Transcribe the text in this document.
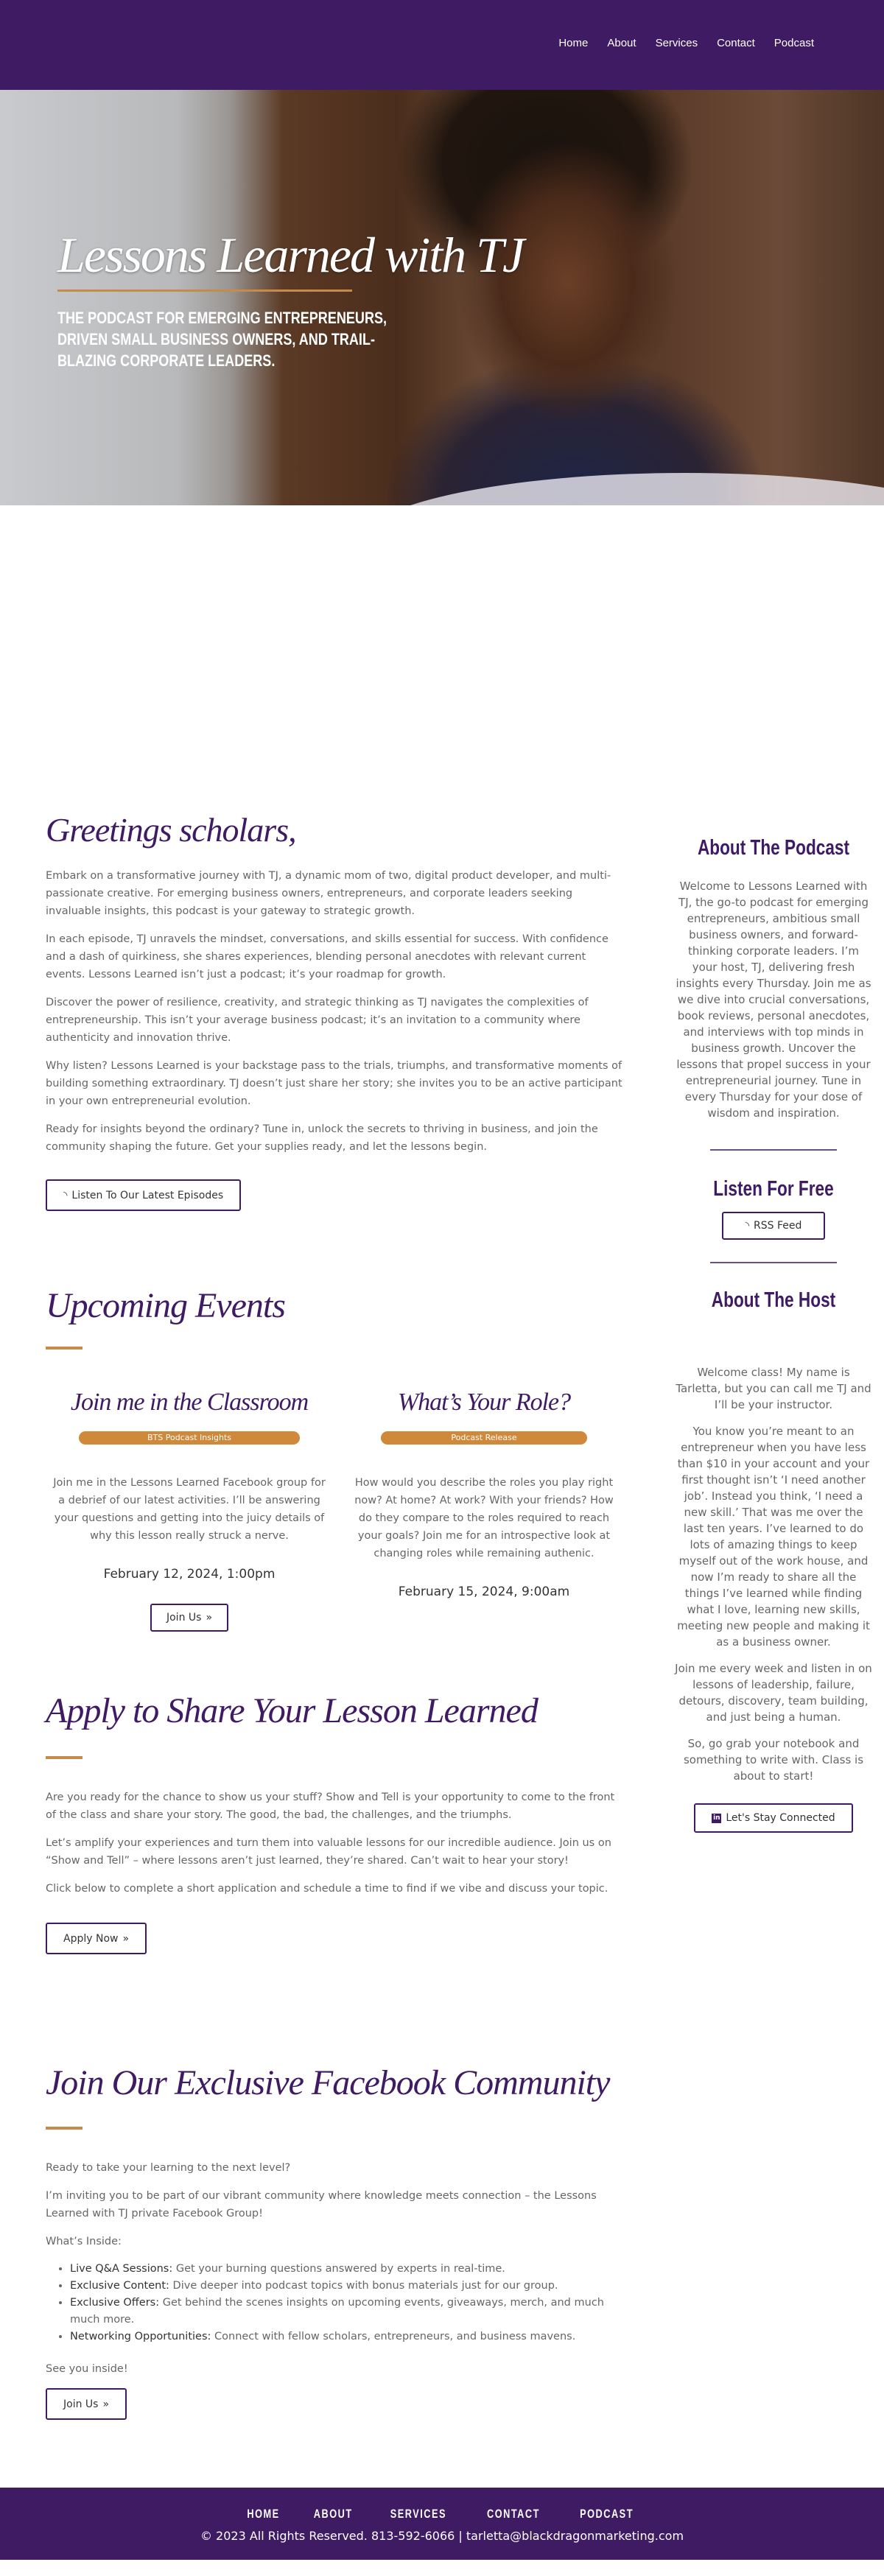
Home About Services Contact Podcast
Lessons Learned with TJ
THE PODCAST FOR EMERGING ENTREPRENEURS, DRIVEN SMALL BUSINESS OWNERS, AND TRAIL-BLAZING CORPORATE LEADERS.
Greetings scholars,

Embark on a transformative journey with TJ, a dynamic mom of two, digital product developer, and multi-passionate creative. For emerging business owners, entrepreneurs, and corporate leaders seeking invaluable insights, this podcast is your gateway to strategic growth.

In each episode, TJ unravels the mindset, conversations, and skills essential for success. With confidence and a dash of quirkiness, she shares experiences, blending personal anecdotes with relevant current events. Lessons Learned isn’t just a podcast; it’s your roadmap for growth.

Discover the power of resilience, creativity, and strategic thinking as TJ navigates the complexities of entrepreneurship. This isn’t your average business podcast; it’s an invitation to a community where authenticity and innovation thrive.

Why listen? Lessons Learned is your backstage pass to the trials, triumphs, and transformative moments of building something extraordinary. TJ doesn’t just share her story; she invites you to be an active participant in your own entrepreneurial evolution.

Ready for insights beyond the ordinary? Tune in, unlock the secrets to thriving in business, and join the community shaping the future. Get your supplies ready, and let the lessons begin.

◝ Listen To Our Latest Episodes
Upcoming Events
Join me in the Classroom
BTS Podcast Insights

Join me in the Lessons Learned Facebook group for a debrief of our latest activities. I’ll be answering your questions and getting into the juicy details of why this lesson really struck a nerve.

February 12, 2024, 1:00pm
Join Us »
What’s Your Role?
Podcast Release

How would you describe the roles you play right now? At home? At work? With your friends? How do they compare to the roles required to reach your goals? Join me for an introspective look at changing roles while remaining authenic.

February 15, 2024, 9:00am
Apply to Share Your Lesson Learned

Are you ready for the chance to show us your stuff? Show and Tell is your opportunity to come to the front of the class and share your story. The good, the bad, the challenges, and the triumphs.

Let’s amplify your experiences and turn them into valuable lessons for our incredible audience. Join us on “Show and Tell” – where lessons aren’t just learned, they’re shared. Can’t wait to hear your story!

Click below to complete a short application and schedule a time to find if we vibe and discuss your topic.

Apply Now »
Join Our Exclusive Facebook Community

Ready to take your learning to the next level?

I’m inviting you to be part of our vibrant community where knowledge meets connection – the Lessons Learned with TJ private Facebook Group!

What’s Inside:

• Live Q&A Sessions: Get your burning questions answered by experts in real-time.
• Exclusive Content: Dive deeper into podcast topics with bonus materials just for our group.
• Exclusive Offers: Get behind the scenes insights on upcoming events, giveaways, merch, and much much more.
• Networking Opportunities: Connect with fellow scholars, entrepreneurs, and business mavens.

See you inside!

Join Us »
About The Podcast

Welcome to Lessons Learned with TJ, the go-to podcast for emerging entrepreneurs, ambitious small business owners, and forward-thinking corporate leaders. I’m your host, TJ, delivering fresh insights every Thursday. Join me as we dive into crucial conversations, book reviews, personal anecdotes, and interviews with top minds in business growth. Uncover the lessons that propel success in your entrepreneurial journey. Tune in every Thursday for your dose of wisdom and inspiration.

Listen For Free
◝ RSS Feed
About The Host

Welcome class! My name is Tarletta, but you can call me TJ and I’ll be your instructor.

You know you’re meant to an entrepreneur when you have less than $10 in your account and your first thought isn’t ‘I need another job’. Instead you think, ‘I need a new skill.’ That was me over the last ten years. I’ve learned to do lots of amazing things to keep myself out of the work house, and now I’m ready to share all the things I’ve learned while finding what I love, learning new skills, meeting new people and making it as a business owner.

Join me every week and listen in on lessons of leadership, failure, detours, discovery, team building, and just being a human.

So, go grab your notebook and something to write with. Class is about to start!

in Let's Stay Connected
HOME	ABOUT	SERVICES	CONTACT	PODCAST
© 2023 All Rights Reserved. 813-592-6066 | tarletta@blackdragonmarketing.com
